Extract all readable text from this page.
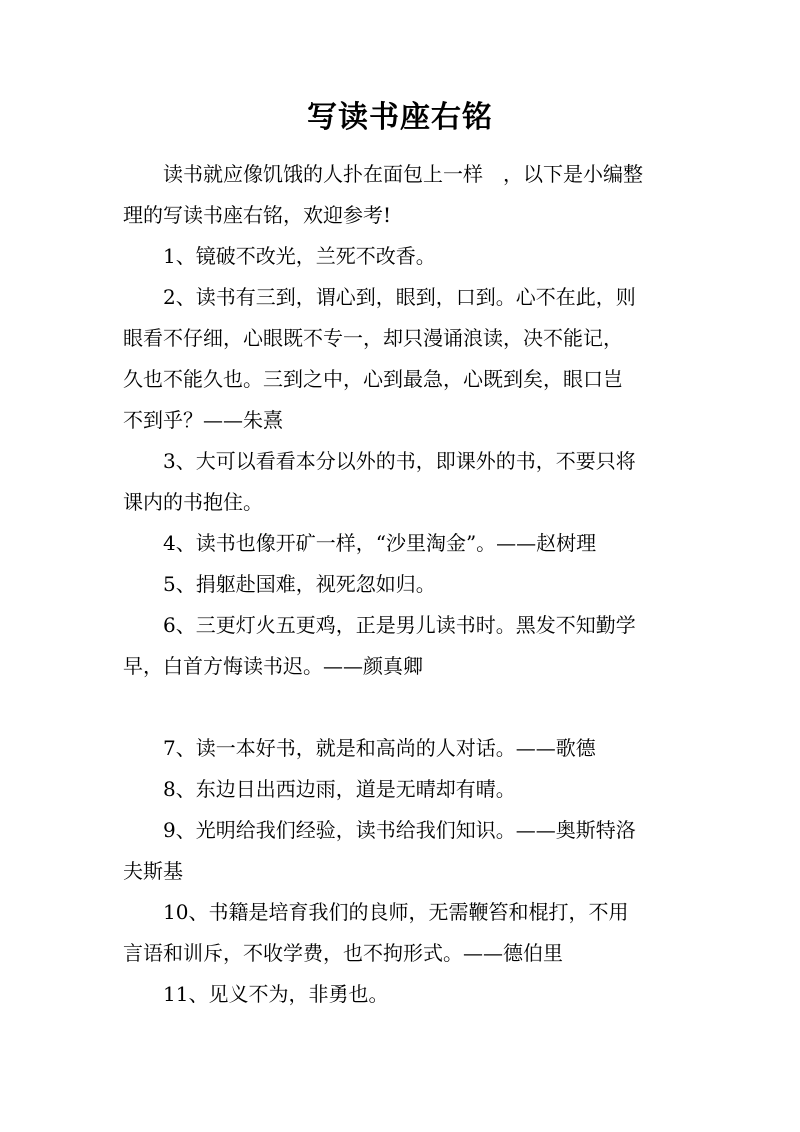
写读书座右铭

读书就应像饥饿的人扑在面包上一样　，以下是小编整
理的写读书座右铭，欢迎参考!

1、镜破不改光，兰死不改香。

2、读书有三到，谓心到，眼到，口到。心不在此，则
眼看不仔细，心眼既不专一，却只漫诵浪读，决不能记，
久也不能久也。三到之中，心到最急，心既到矣，眼口岂
不到乎？——朱熹

3、大可以看看本分以外的书，即课外的书，不要只将
课内的书抱住。

4、读书也像开矿一样，“沙里淘金”。——赵树理

5、捐躯赴国难，视死忽如归。

6、三更灯火五更鸡，正是男儿读书时。黑发不知勤学
早，白首方悔读书迟。——颜真卿

7、读一本好书，就是和高尚的人对话。——歌德

8、东边日出西边雨，道是无晴却有晴。

9、光明给我们经验，读书给我们知识。——奥斯特洛
夫斯基

10、书籍是培育我们的良师，无需鞭笞和棍打，不用
言语和训斥，不收学费，也不拘形式。——德伯里

11、见义不为，非勇也。
